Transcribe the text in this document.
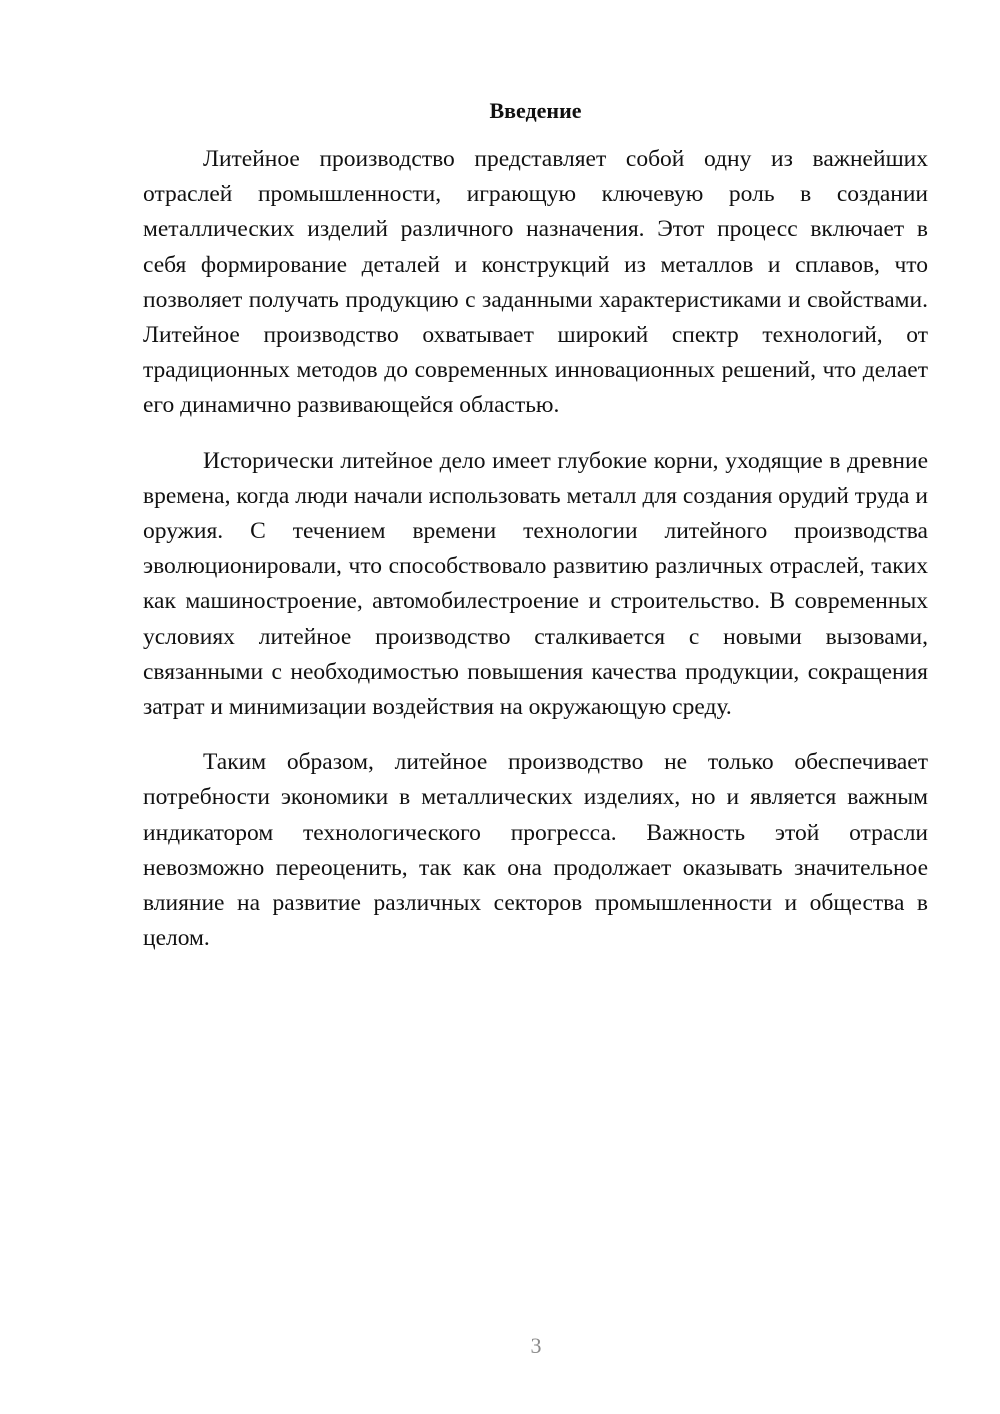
Введение

Литейное производство представляет собой одну из важнейших отраслей промышленности, играющую ключевую роль в создании металлических изделий различного назначения. Этот процесс включает в себя формирование деталей и конструкций из металлов и сплавов, что позволяет получать продукцию с заданными характеристиками и свойствами. Литейное производство охватывает широкий спектр технологий, от традиционных методов до современных инновационных решений, что делает его динамично развивающейся областью.

Исторически литейное дело имеет глубокие корни, уходящие в древние времена, когда люди начали использовать металл для создания орудий труда и оружия. С течением времени технологии литейного производства эволюционировали, что способствовало развитию различных отраслей, таких как машиностроение, автомобилестроение и строительство. В современных условиях литейное производство сталкивается с новыми вызовами, связанными с необходимостью повышения качества продукции, сокращения затрат и минимизации воздействия на окружающую среду.

Таким образом, литейное производство не только обеспечивает потребности экономики в металлических изделиях, но и является важным индикатором технологического прогресса. Важность этой отрасли невозможно переоценить, так как она продолжает оказывать значительное влияние на развитие различных секторов промышленности и общества в целом.

3
